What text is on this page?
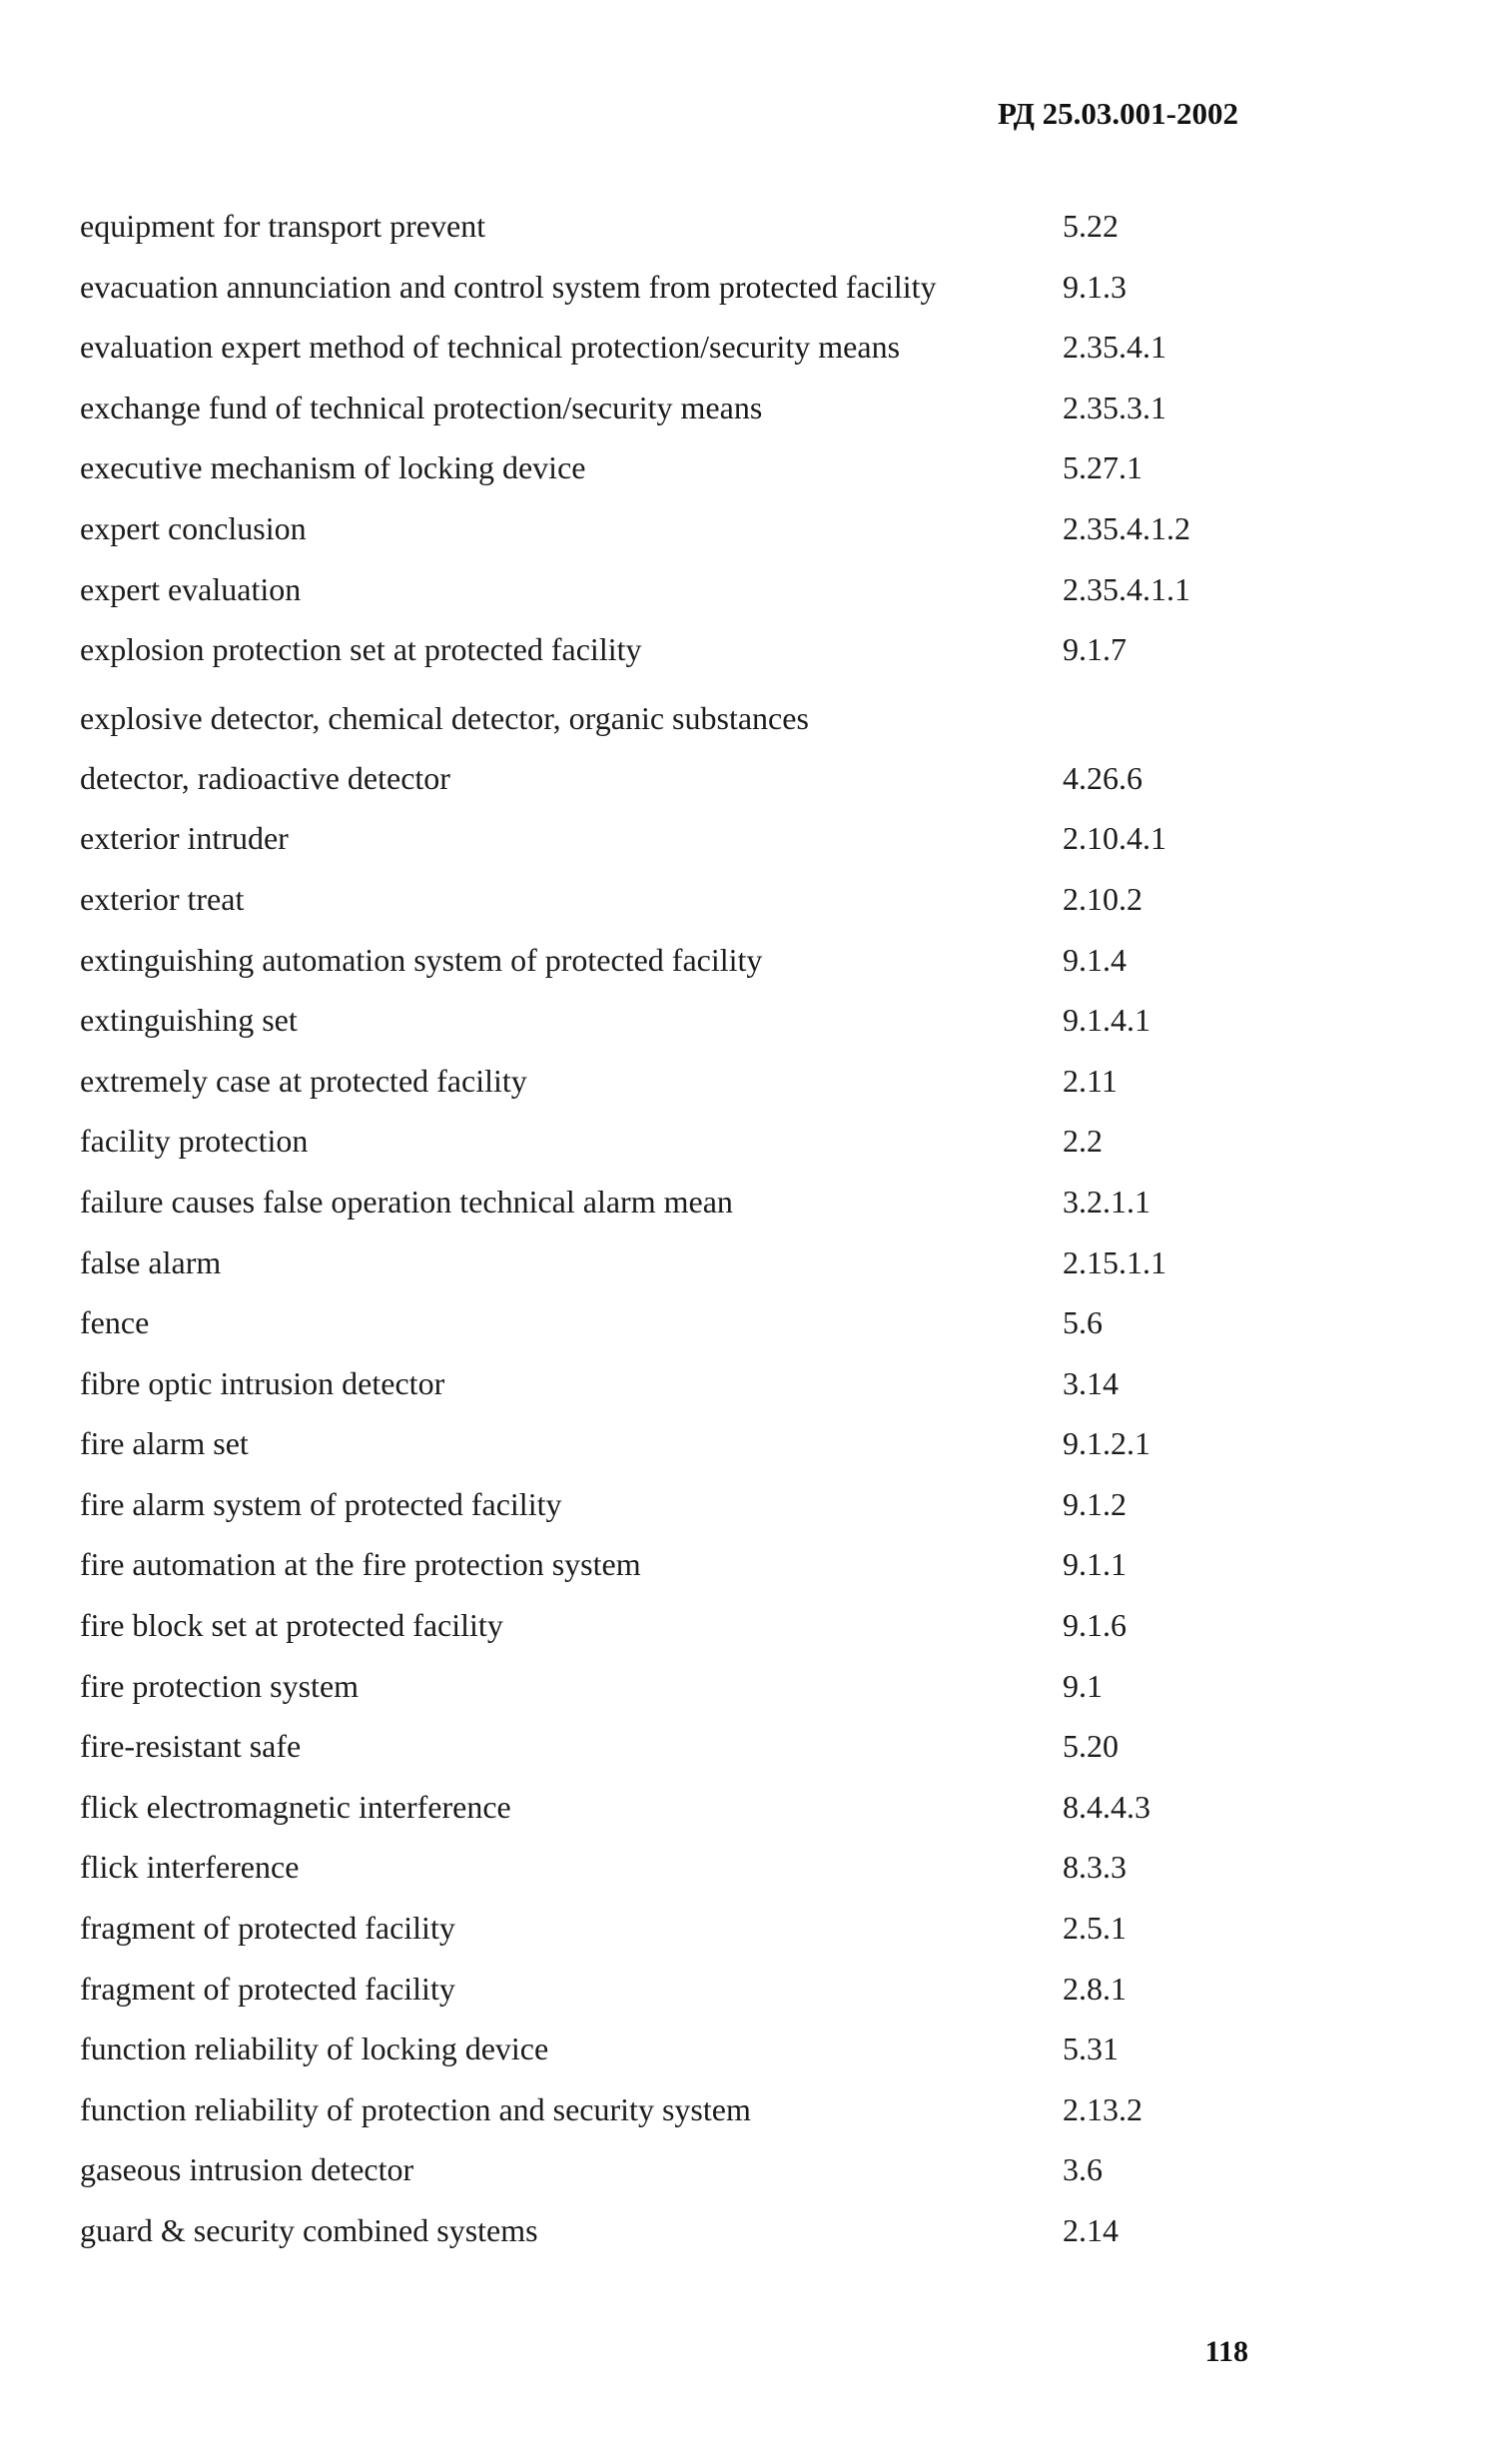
РД 25.03.001-2002
equipment for transport prevent	5.22
evacuation annunciation and control system from protected facility	9.1.3
evaluation expert method of technical protection/security means	2.35.4.1
exchange fund of technical protection/security means	2.35.3.1
executive mechanism of locking device	5.27.1
expert conclusion	2.35.4.1.2
expert evaluation	2.35.4.1.1
explosion protection set at protected facility	9.1.7
explosive detector, chemical detector, organic substances
detector, radioactive detector	4.26.6
exterior intruder	2.10.4.1
exterior treat	2.10.2
extinguishing automation system of protected facility	9.1.4
extinguishing set	9.1.4.1
extremely case at protected facility	2.11
facility protection	2.2
failure causes false operation technical alarm mean	3.2.1.1
false alarm	2.15.1.1
fence	5.6
fibre optic intrusion detector	3.14
fire alarm set	9.1.2.1
fire alarm system of protected facility	9.1.2
fire automation at the fire protection system	9.1.1
fire block set at protected facility	9.1.6
fire protection system	9.1
fire-resistant safe	5.20
flick electromagnetic interference	8.4.4.3
flick interference	8.3.3
fragment of protected facility	2.5.1
fragment of protected facility	2.8.1
function reliability of locking device	5.31
function reliability of protection and security system	2.13.2
gaseous intrusion detector	3.6
guard & security combined systems	2.14
118
